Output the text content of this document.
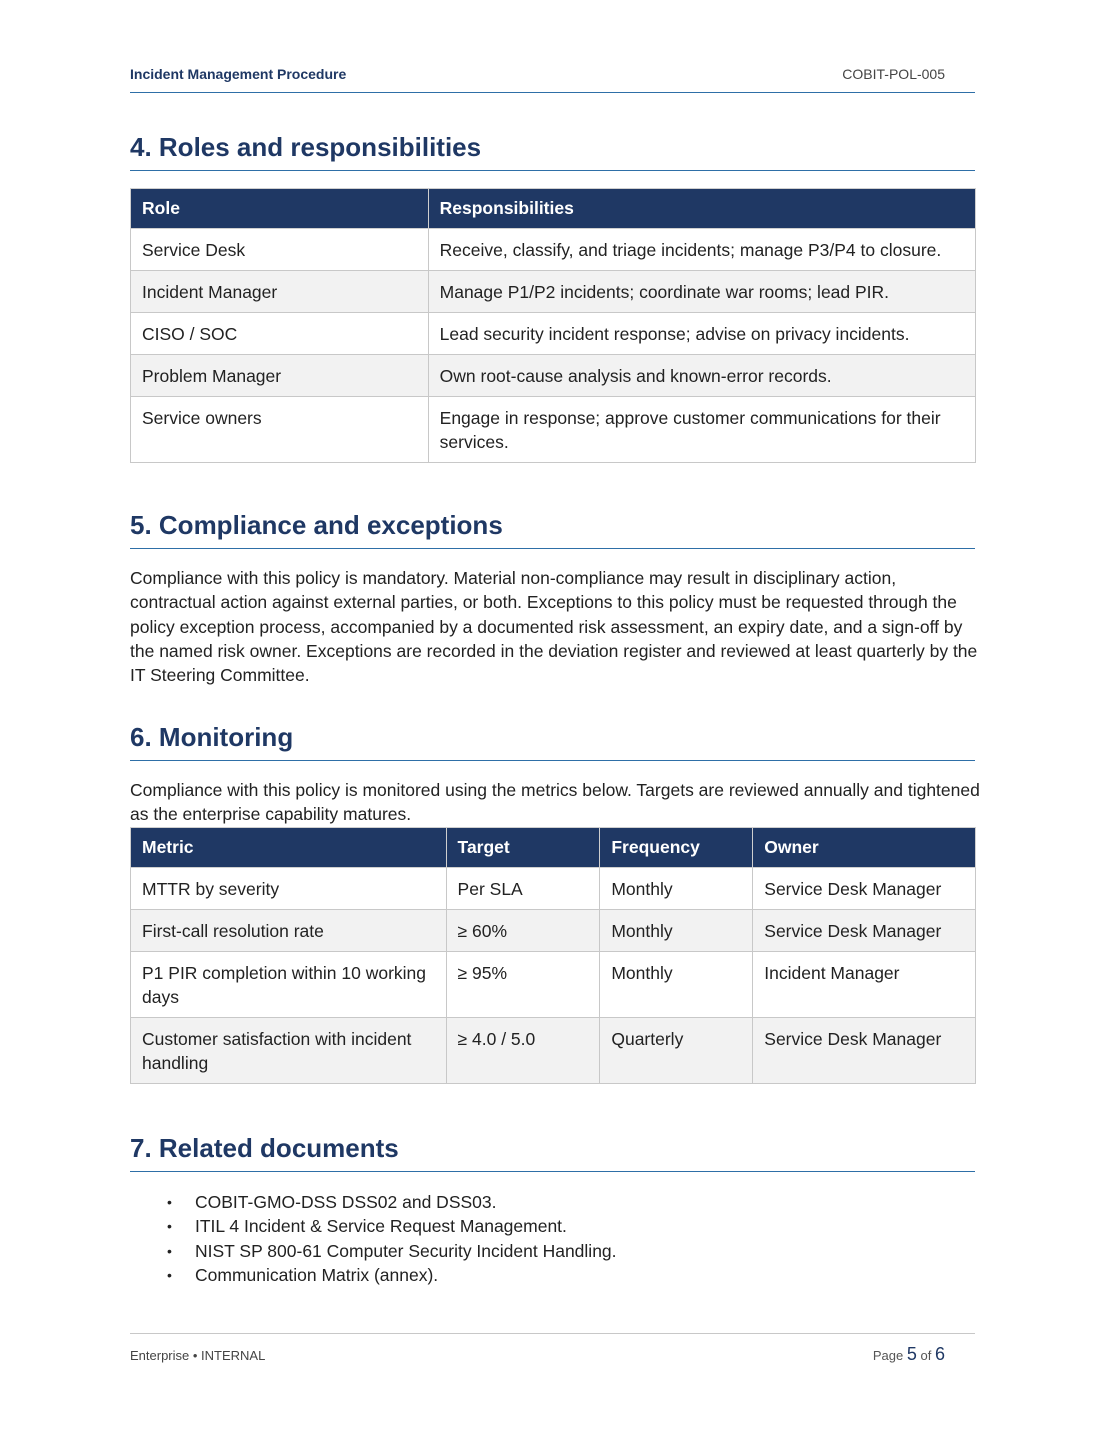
Incident Management Procedure	COBIT-POL-005
4. Roles and responsibilities
Role	Responsibilities
Service Desk	Receive, classify, and triage incidents; manage P3/P4 to closure.
Incident Manager	Manage P1/P2 incidents; coordinate war rooms; lead PIR.
CISO / SOC	Lead security incident response; advise on privacy incidents.
Problem Manager	Own root-cause analysis and known-error records.
Service owners	Engage in response; approve customer communications for their services.
5. Compliance and exceptions

Compliance with this policy is mandatory. Material non-compliance may result in disciplinary action, contractual action against external parties, or both. Exceptions to this policy must be requested through the policy exception process, accompanied by a documented risk assessment, an expiry date, and a sign-off by the named risk owner. Exceptions are recorded in the deviation register and reviewed at least quarterly by the IT Steering Committee.

6. Monitoring

Compliance with this policy is monitored using the metrics below. Targets are reviewed annually and tightened as the enterprise capability matures.

Metric	Target	Frequency	Owner
MTTR by severity	Per SLA	Monthly	Service Desk Manager
First-call resolution rate	≥ 60%	Monthly	Service Desk Manager
P1 PIR completion within 10 working days	≥ 95%	Monthly	Incident Manager
Customer satisfaction with incident handling	≥ 4.0 / 5.0	Quarterly	Service Desk Manager
7. Related documents
• COBIT-GMO-DSS DSS02 and DSS03.
• ITIL 4 Incident & Service Request Management.
• NIST SP 800-61 Computer Security Incident Handling.
• Communication Matrix (annex).
Enterprise • INTERNAL	Page 5 of 6
